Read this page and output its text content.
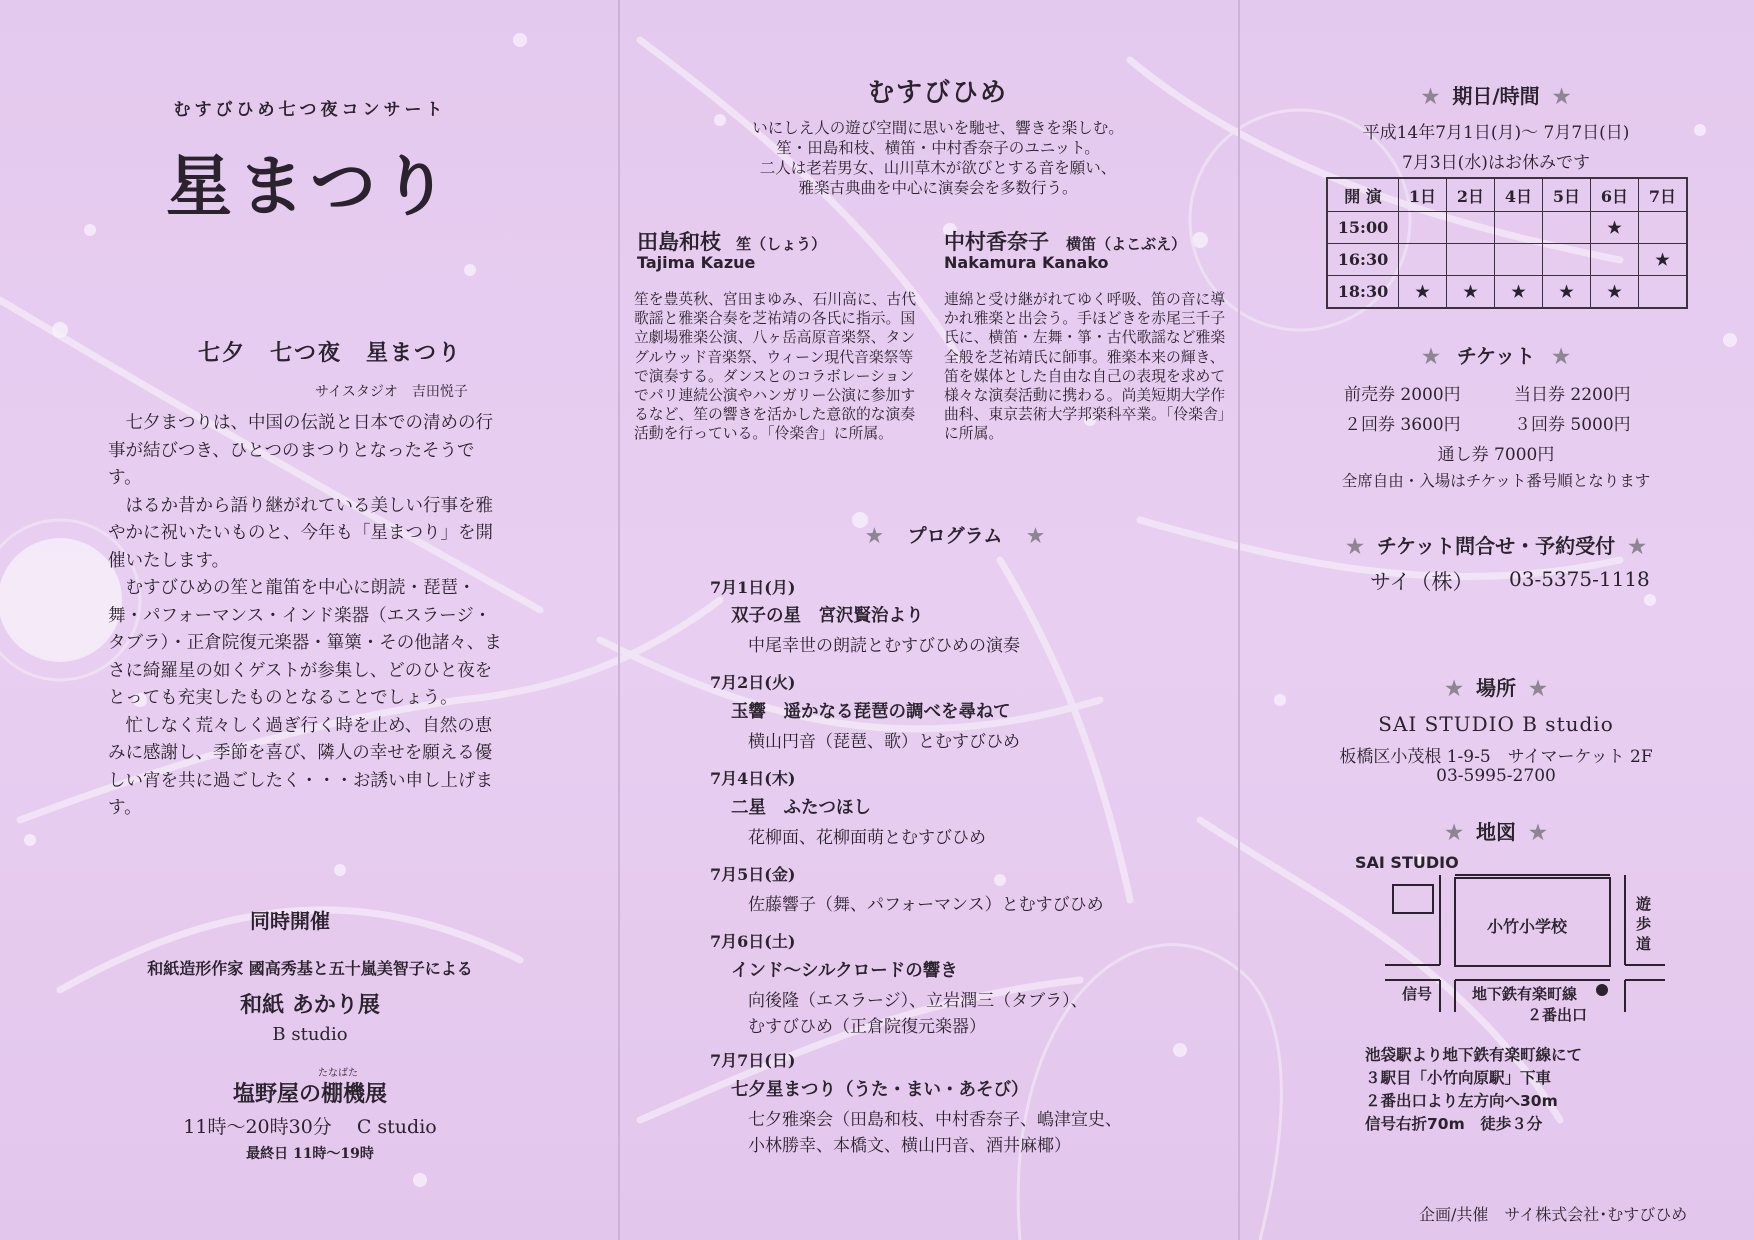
むすびひめ七つ夜コンサート
星まつり
七夕　七つ夜　星まつり
サイスタジオ　吉田悦子

七夕まつりは、中国の伝説と日本での清めの行事が結びつき、ひとつのまつりとなったそうです。

はるか昔から語り継がれている美しい行事を雅やかに祝いたいものと、今年も「星まつり」を開催いたします。

むすびひめの笙と龍笛を中心に朗読・琵琶・舞・パフォーマンス・インド楽器（エスラージ・タブラ）・正倉院復元楽器・篳篥・その他諸々、まさに綺羅星の如くゲストが参集し、どのひと夜をとっても充実したものとなることでしょう。

忙しなく荒々しく過ぎ行く時を止め、自然の恵みに感謝し、季節を喜び、隣人の幸せを願える優しい宵を共に過ごしたく・・・お誘い申し上げます。

同時開催
和紙造形作家 國高秀基と五十嵐美智子による
和紙 あかり展
B studio
たなばた
塩野屋の棚機展
11時～20時30分　 C studio
最終日 11時～19時
むすびひめ
いにしえ人の遊び空間に思いを馳せ、響きを楽しむ。
笙・田島和枝、横笛・中村香奈子のユニット。
二人は老若男女、山川草木が欲びとする音を願い、
雅楽古典曲を中心に演奏会を多数行う。
田島和枝 笙（しょう）
Tajima Kazue
笙を豊英秋、宮田まゆみ、石川高に、古代歌謡と雅楽合奏を芝祐靖の各氏に指示。国立劇場雅楽公演、八ヶ岳高原音楽祭、タングルウッド音楽祭、ウィーン現代音楽祭等で演奏する。ダンスとのコラボレーションでパリ連続公演やハンガリー公演に参加するなど、笙の響きを活かした意欲的な演奏活動を行っている。「伶楽舎」に所属。
中村香奈子 横笛（よこぶえ）
Nakamura Kanako
連綿と受け継がれてゆく呼吸、笛の音に導かれ雅楽と出会う。手ほどきを赤尾三千子氏に、横笛・左舞・箏・古代歌謡など雅楽全般を芝祐靖氏に師事。雅楽本来の輝き、笛を媒体とした自由な自己の表現を求めて様々な演奏活動に携わる。尚美短期大学作曲科、東京芸術大学邦楽科卒業。「伶楽舎」に所属。
★ プログラム ★
7月1日(月)
双子の星　宮沢賢治より
中尾幸世の朗読とむすびひめの演奏
7月2日(火)
玉響　遥かなる琵琶の調べを尋ねて
横山円音（琵琶、歌）とむすびひめ
7月4日(木)
二星　ふたつほし
花柳面、花柳面萌とむすびひめ
7月5日(金)
佐藤響子（舞、パフォーマンス）とむすびひめ
7月6日(土)
インド～シルクロードの響き
向後隆（エスラージ）、立岩潤三（タブラ）、
むすびひめ（正倉院復元楽器）
7月7日(日)
七夕星まつり（うた・まい・あそび）
七夕雅楽会（田島和枝、中村香奈子、嶋津宣史、
小林勝幸、本橋文、横山円音、酒井麻椰）
★ 期日/時間 ★
平成14年7月1日(月)～ 7月7日(日)
7月3日(水)はお休みです
開 演	1日	2日	4日	5日	6日	7日
15:00					★	
16:30						★
18:30	★	★	★	★	★	
★ チケット ★
前売券 2000円	当日券 2200円
２回券 3600円	３回券 5000円
通し券 7000円
全席自由・入場はチケット番号順となります
★ チケット問合せ・予約受付 ★
サイ（株） 03-5375-1118
★ 場所 ★
SAI STUDIO B studio
板橋区小茂根 1-9-5　サイマーケット 2F
03-5995-2700
★ 地図 ★
SAI STUDIO
小竹小学校
遊歩道
信号	地下鉄有楽町線
２番出口
池袋駅より地下鉄有楽町線にて
３駅目「小竹向原駅」下車
２番出口より左方向へ30m
信号右折70m　徒歩３分
企画/共催　サイ株式会社･むすびひめ
